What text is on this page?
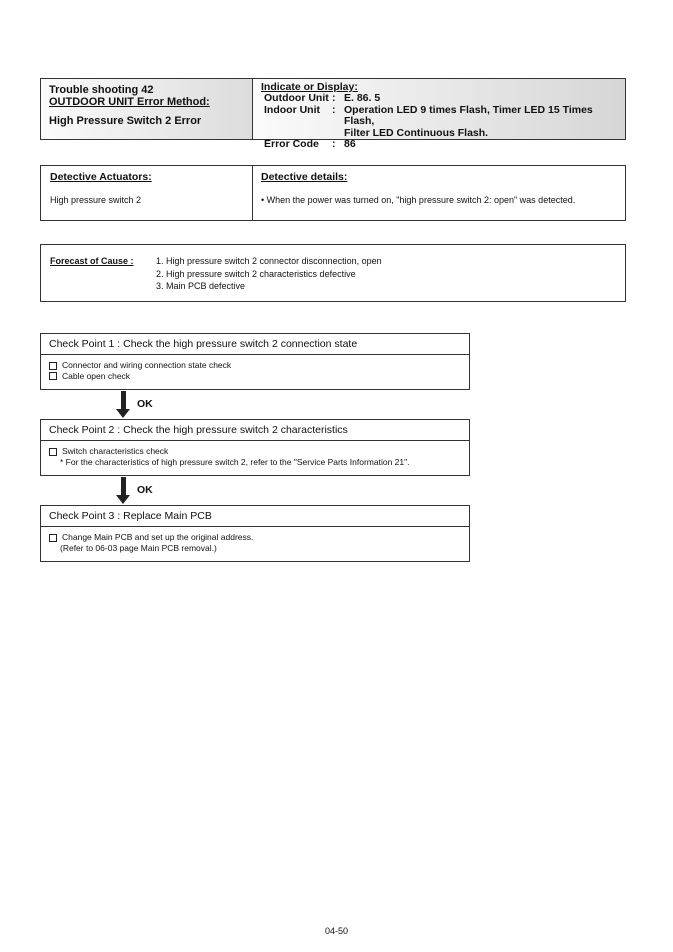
Trouble shooting 42
OUTDOOR UNIT Error Method:
High Pressure Switch 2 Error
Indicate or Display:
Outdoor Unit : E. 86. 5
Indoor Unit	: Operation LED 9 times Flash, Timer LED 15 Times Flash,
Filter LED Continuous Flash.
Error Code	: 86
Detective Actuators:
High pressure switch 2
Detective details:
• When the power was turned on, "high pressure switch 2: open" was detected.
Forecast of Cause :	1. High pressure switch 2 connector disconnection, open
2. High pressure switch 2 characteristics defective
3. Main PCB defective
Check Point 1 : Check the high pressure switch 2 connection state
Connector and wiring connection state check
Cable open check
OK
Check Point 2 : Check the high pressure switch 2 characteristics
Switch characteristics check
* For the characteristics of high pressure switch 2, refer to the "Service Parts Information 21".
OK
Check Point 3 : Replace Main PCB
Change Main PCB and set up the original address.
(Refer to 06-03 page Main PCB removal.)
04-50
